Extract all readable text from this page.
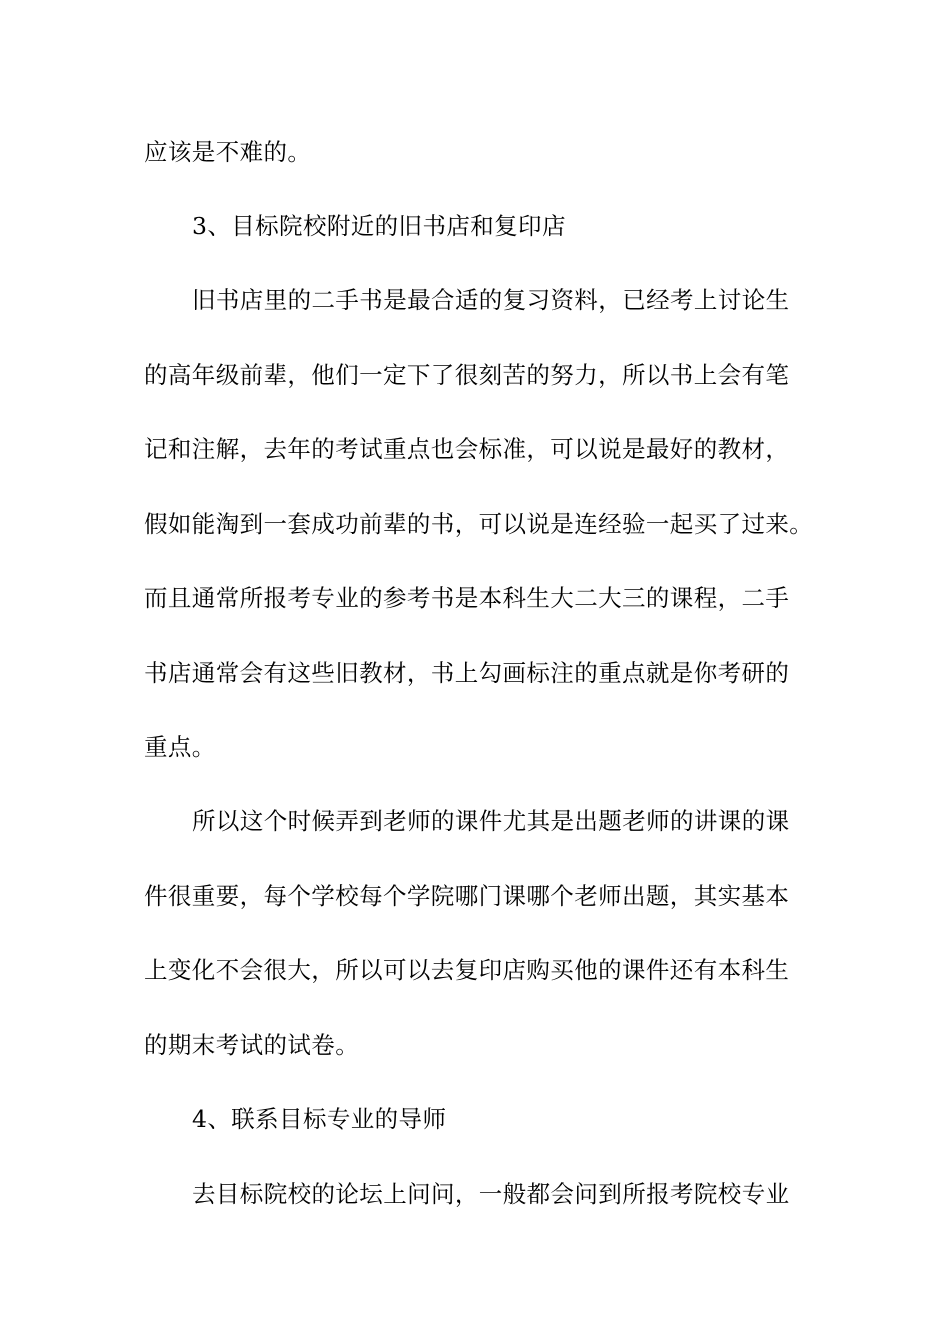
应该是不难的。
3、目标院校附近的旧书店和复印店
旧书店里的二手书是最合适的复习资料，已经考上讨论生
的高年级前辈，他们一定下了很刻苦的努力，所以书上会有笔
记和注解，去年的考试重点也会标准，可以说是最好的教材，
假如能淘到一套成功前辈的书，可以说是连经验一起买了过来。
而且通常所报考专业的参考书是本科生大二大三的课程，二手
书店通常会有这些旧教材，书上勾画标注的重点就是你考研的
重点。
所以这个时候弄到老师的课件尤其是出题老师的讲课的课
件很重要，每个学校每个学院哪门课哪个老师出题，其实基本
上变化不会很大，所以可以去复印店购买他的课件还有本科生
的期末考试的试卷。
4、联系目标专业的导师
去目标院校的论坛上问问，一般都会问到所报考院校专业
